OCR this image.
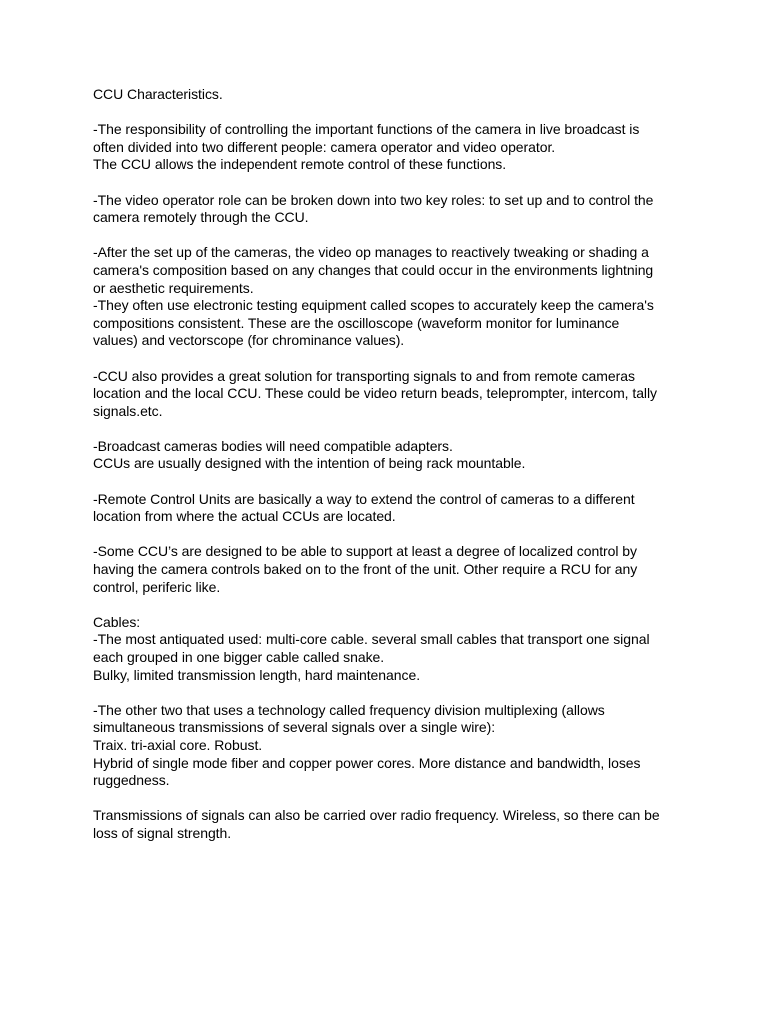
CCU Characteristics.
-The responsibility of controlling the important functions of the camera in live broadcast is
often divided into two different people: camera operator and video operator.
The CCU allows the independent remote control of these functions.
-The video operator role can be broken down into two key roles: to set up and to control the
camera remotely through the CCU.
-After the set up of the cameras, the video op manages to reactively tweaking or shading a
camera's composition based on any changes that could occur in the environments lightning
or aesthetic requirements.
-They often use electronic testing equipment called scopes to accurately keep the camera's
compositions consistent. These are the oscilloscope (waveform monitor for luminance
values) and vectorscope (for chrominance values).
-CCU also provides a great solution for transporting signals to and from remote cameras
location and the local CCU. These could be video return beads, teleprompter, intercom, tally
signals.etc.
-Broadcast cameras bodies will need compatible adapters.
CCUs are usually designed with the intention of being rack mountable.
-Remote Control Units are basically a way to extend the control of cameras to a different
location from where the actual CCUs are located.
-Some CCU’s are designed to be able to support at least a degree of localized control by
having the camera controls baked on to the front of the unit. Other require a RCU for any
control, periferic like.
Cables:
-The most antiquated used: multi-core cable. several small cables that transport one signal
each grouped in one bigger cable called snake.
Bulky, limited transmission length, hard maintenance.
-The other two that uses a technology called frequency division multiplexing (allows
simultaneous transmissions of several signals over a single wire):
Traix. tri-axial core. Robust.
Hybrid of single mode fiber and copper power cores. More distance and bandwidth, loses
ruggedness.
Transmissions of signals can also be carried over radio frequency. Wireless, so there can be
loss of signal strength.
